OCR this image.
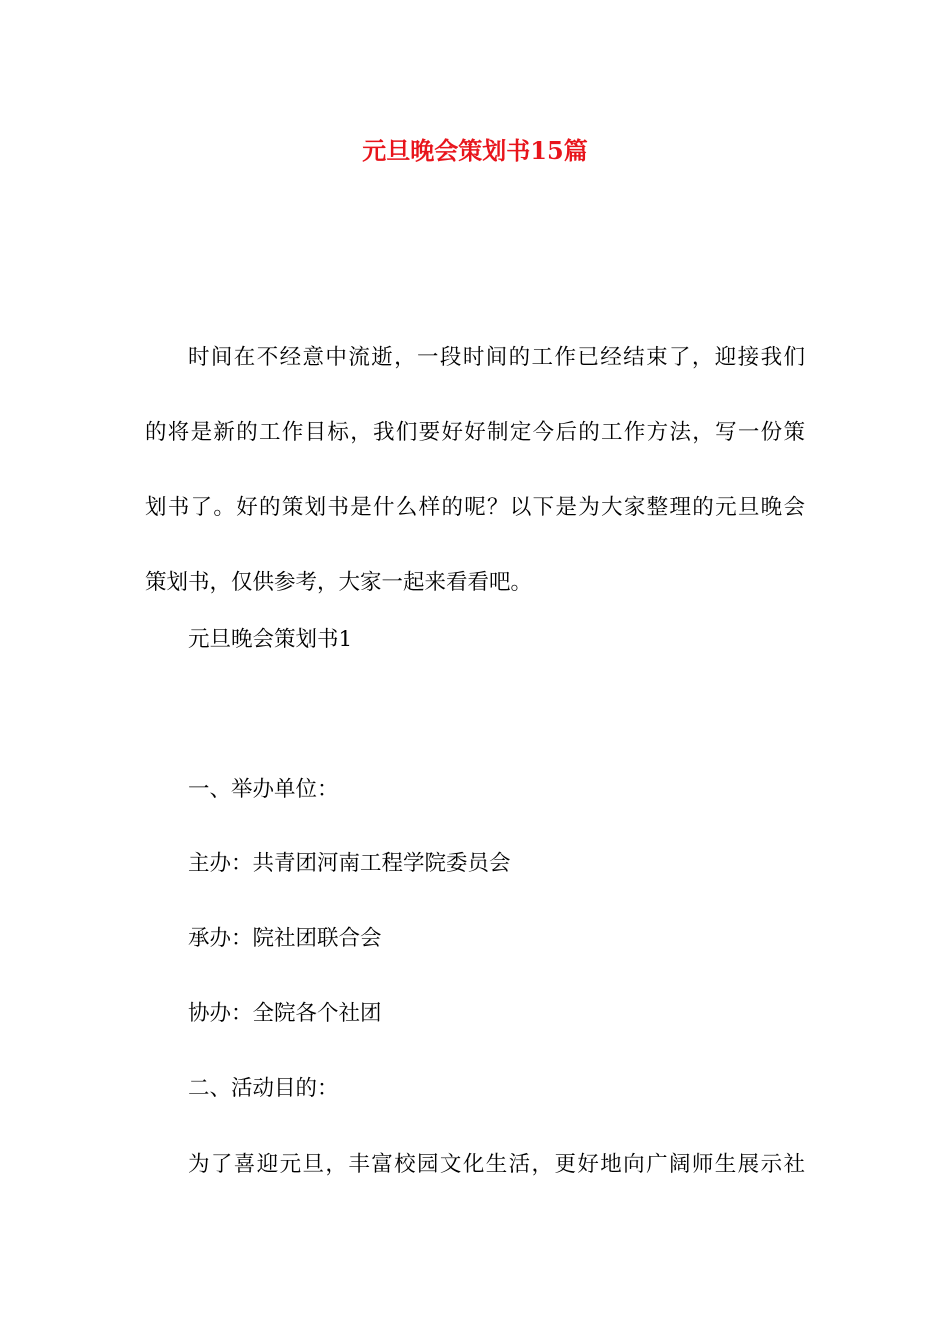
元旦晚会策划书15篇
时间在不经意中流逝，一段时间的工作已经结束了，迎接我们
的将是新的工作目标，我们要好好制定今后的工作方法，写一份策
划书了。好的策划书是什么样的呢？以下是为大家整理的元旦晚会
策划书，仅供参考，大家一起来看看吧。
元旦晚会策划书1
一、举办单位：
主办：共青团河南工程学院委员会
承办：院社团联合会
协办：全院各个社团
二、活动目的：
为了喜迎元旦，丰富校园文化生活，更好地向广阔师生展示社
